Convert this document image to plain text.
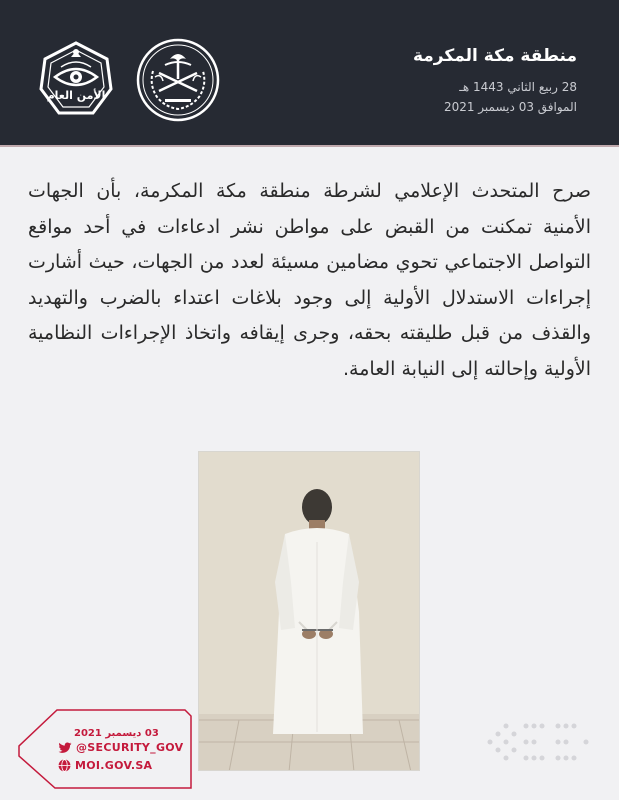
الأمن العام
منطقة مكة المكرمة
28 ربيع الثاني 1443 هـ
الموافق 03 ديسمبر 2021
صرح المتحدث الإعلامي لشرطة منطقة مكة المكرمة، بأن الجهات الأمنية تمكنت من القبض على مواطن نشر ادعاءات في أحد مواقع التواصل الاجتماعي تحوي مضامين مسيئة لعدد من الجهات، حيث أشارت إجراءات الاستدلال الأولية إلى وجود بلاغات اعتداء بالضرب والتهديد والقذف من قبل طليقته بحقه، وجرى إيقافه واتخاذ الإجراءات النظامية الأولية وإحالته إلى النيابة العامة.
03 ديسمبر 2021
@SECURITY_GOV
MOI.GOV.SA
